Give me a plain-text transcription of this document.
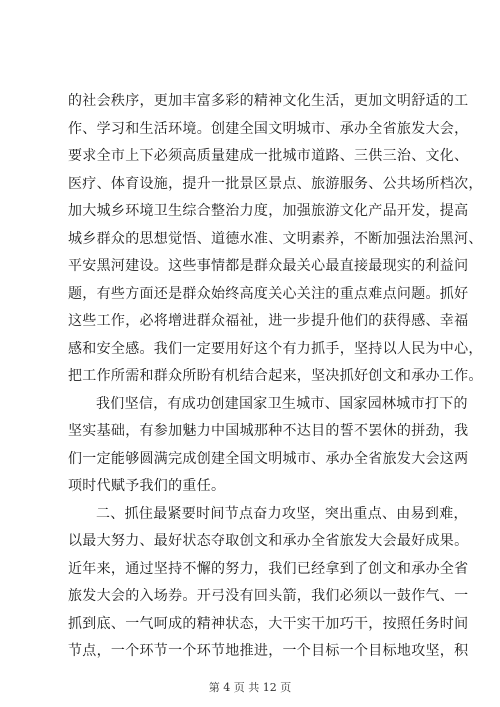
的社会秩序，更加丰富多彩的精神文化生活，更加文明舒适的工
作、学习和生活环境。创建全国文明城市、承办全省旅发大会，
要求全市上下必须高质量建成一批城市道路、三供三治、文化、
医疗、体育设施，提升一批景区景点、旅游服务、公共场所档次，
加大城乡环境卫生综合整治力度，加强旅游文化产品开发，提高
城乡群众的思想觉悟、道德水准、文明素养，不断加强法治黑河、
平安黑河建设。这些事情都是群众最关心最直接最现实的利益问
题，有些方面还是群众始终高度关心关注的重点难点问题。抓好
这些工作，必将增进群众福祉，进一步提升他们的获得感、幸福
感和安全感。我们一定要用好这个有力抓手，坚持以人民为中心，
把工作所需和群众所盼有机结合起来，坚决抓好创文和承办工作。
我们坚信，有成功创建国家卫生城市、国家园林城市打下的
坚实基础，有参加魅力中国城那种不达目的誓不罢休的拼劲，我
们一定能够圆满完成创建全国文明城市、承办全省旅发大会这两
项时代赋予我们的重任。
二、抓住最紧要时间节点奋力攻坚，突出重点、由易到难，
以最大努力、最好状态夺取创文和承办全省旅发大会最好成果。
近年来，通过坚持不懈的努力，我们已经拿到了创文和承办全省
旅发大会的入场券。开弓没有回头箭，我们必须以一鼓作气、一
抓到底、一气呵成的精神状态，大干实干加巧干，按照任务时间
节点，一个环节一个环节地推进，一个目标一个目标地攻坚，积
第 4 页 共 12 页
